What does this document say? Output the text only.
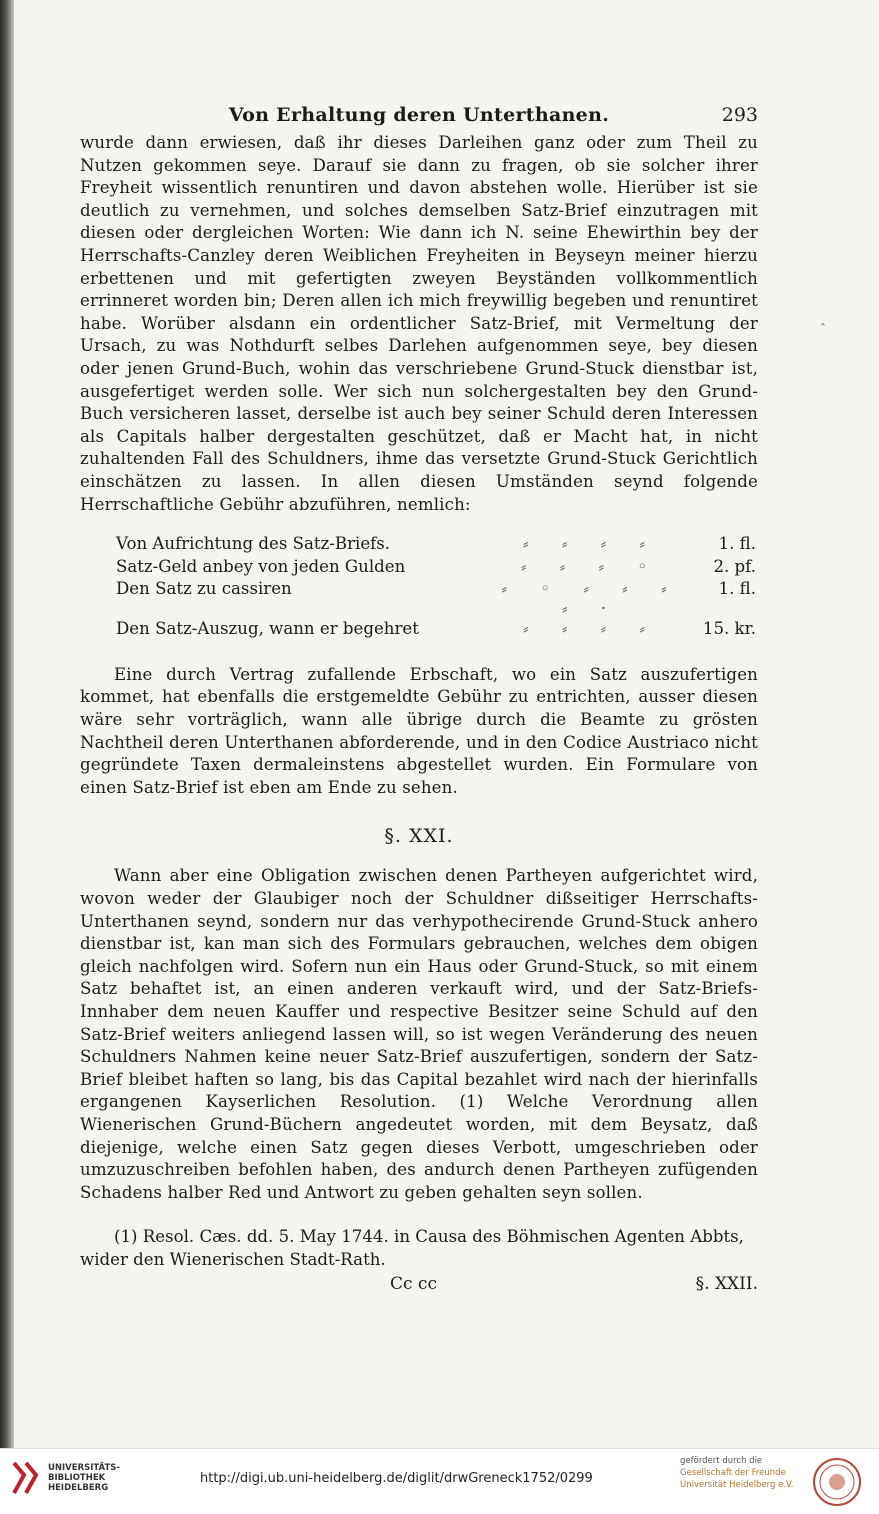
Von Erhaltung deren Unterthanen.	293

wurde dann erwiesen, daß ihr dieses Darleihen ganz oder zum Theil zu Nutzen gekommen seye. Darauf sie dann zu fragen, ob sie solcher ihrer Freyheit wissentlich renuntiren und davon abstehen wolle. Hierüber ist sie deutlich zu vernehmen, und solches demselben Satz-Brief einzutragen mit diesen oder dergleichen Worten: Wie dann ich N. seine Ehewirthin bey der Herrschafts-Canzley deren Weiblichen Freyheiten in Beyseyn meiner hierzu erbettenen und mit gefertigten zweyen Beyständen vollkommentlich errinneret worden bin; Deren allen ich mich freywillig begeben und renuntiret habe. Worüber alsdann ein ordentlicher Satz-Brief, mit Vermeltung der Ursach, zu was Nothdurft selbes Darlehen aufgenommen seye, bey diesen oder jenen Grund-Buch, wohin das verschriebene Grund-Stuck dienstbar ist, ausgefertiget werden solle. Wer sich nun solchergestalten bey den Grund-Buch versicheren lasset, derselbe ist auch bey seiner Schuld deren Interessen als Capitals halber dergestalten geschützet, daß er Macht hat, in nicht zuhaltenden Fall des Schuldners, ihme das versetzte Grund-Stuck Gerichtlich einschätzen zu lassen. In allen diesen Umständen seynd folgende Herrschaftliche Gebühr abzuführen, nemlich:

Von Aufrichtung des Satz-Briefs.	⸗ ⸗ ⸗ ⸗	1. fl.
Satz-Geld anbey von jeden Gulden	⸗ ⸗ ⸗ ◦	2. pf.
Den Satz zu cassiren	⸗ ◦ ⸗ ⸗ ⸗ ⸗ ·	1. fl.
Den Satz-Auszug, wann er begehret	⸗ ⸗ ⸗ ⸗	15. kr.

Eine durch Vertrag zufallende Erbschaft, wo ein Satz auszufertigen kommet, hat ebenfalls die erstgemeldte Gebühr zu entrichten, ausser diesen wäre sehr vorträglich, wann alle übrige durch die Beamte zu grösten Nachtheil deren Unterthanen abforderende, und in den Codice Austriaco nicht gegründete Taxen dermaleinstens abgestellet wurden. Ein Formulare von einen Satz-Brief ist eben am Ende zu sehen.

§. XXI.

Wann aber eine Obligation zwischen denen Partheyen aufgerichtet wird, wovon weder der Glaubiger noch der Schuldner dißseitiger Herrschafts-Unterthanen seynd, sondern nur das verhypothecirende Grund-Stuck anhero dienstbar ist, kan man sich des Formulars gebrauchen, welches dem obigen gleich nachfolgen wird. Sofern nun ein Haus oder Grund-Stuck, so mit einem Satz behaftet ist, an einen anderen verkauft wird, und der Satz-Briefs-Innhaber dem neuen Kauffer und respective Besitzer seine Schuld auf den Satz-Brief weiters anliegend lassen will, so ist wegen Veränderung des neuen Schuldners Nahmen keine neuer Satz-Brief auszufertigen, sondern der Satz-Brief bleibet haften so lang, bis das Capital bezahlet wird nach der hierinfalls ergangenen Kayserlichen Resolution. (1) Welche Verordnung allen Wienerischen Grund-Büchern angedeutet worden, mit dem Beysatz, daß diejenige, welche einen Satz gegen dieses Verbott, umgeschrieben oder umzuzuschreiben befohlen haben, des andurch denen Partheyen zufügenden Schadens halber Red und Antwort zu geben gehalten seyn sollen.

(1) Resol. Cæs. dd. 5. May 1744. in Causa des Böhmischen Agenten Abbts, wider den Wienerischen Stadt-Rath.

Cc cc	§. XXII.
ˆ
UNIVERSITÄTS-
BIBLIOTHEK
HEIDELBERG
http://digi.ub.uni-heidelberg.de/diglit/drwGreneck1752/0299
gefördert durch die
Gesellschaft der Freunde
Universität Heidelberg e.V.
